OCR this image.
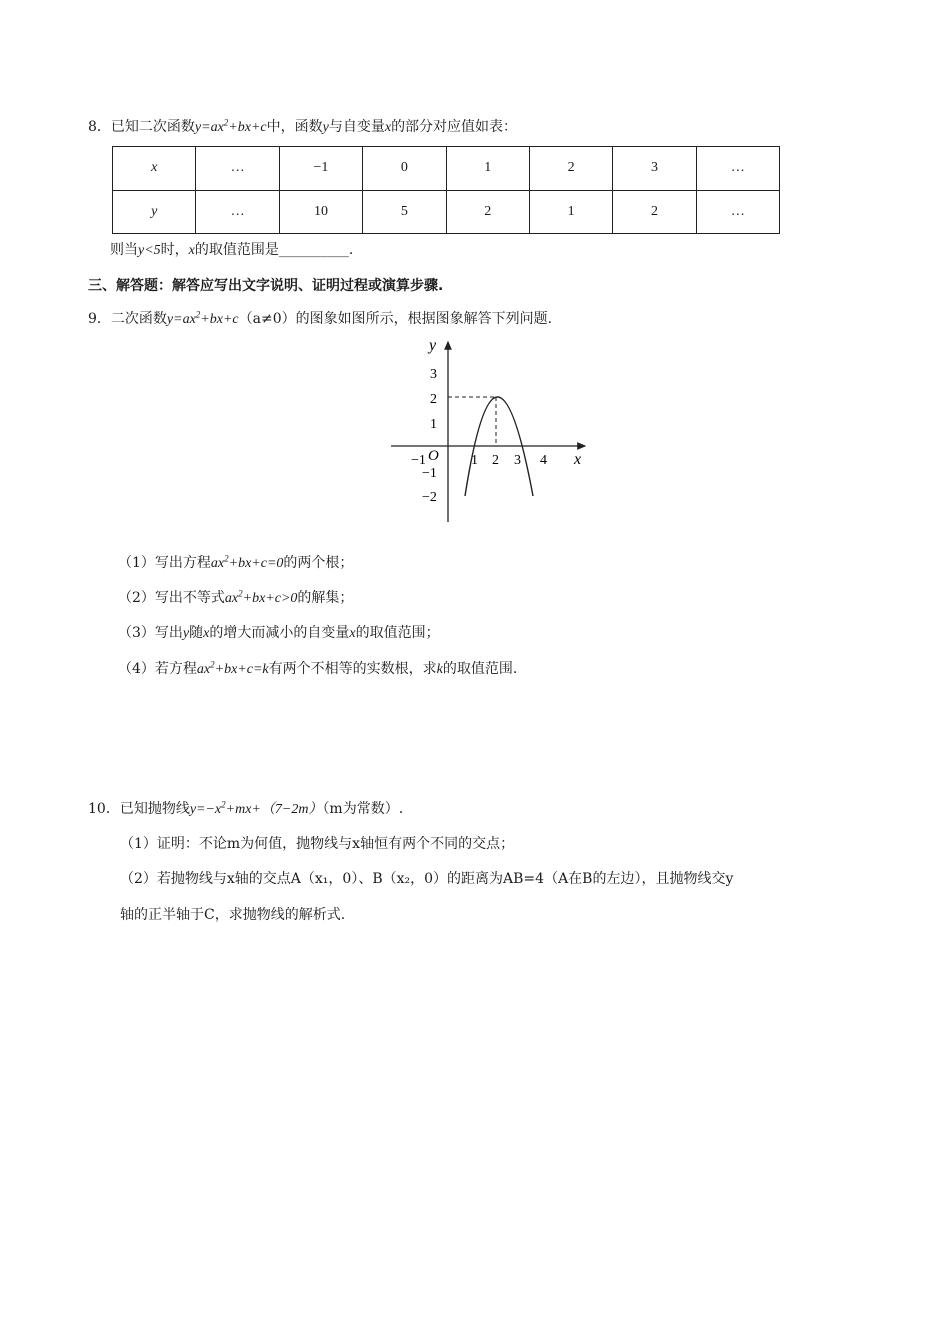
8．已知二次函数$y=ax^2+bx+c$中，函数y与自变量x的部分对应值如表：
x	…	−1	0	1	2	3	…
y	…	10	5	2	1	2	…
则当y<5时，x的取值范围是__________.
三、解答题：解答应写出文字说明、证明过程或演算步骤.
9．二次函数$y=ax^2+bx+c(a\ne 0)$的图象如图所示，根据图象解答下列问题.
y
x
O
3
2
1
−1
−2
−1	1 2 3 4
（1）写出方程$ax^2+bx+c=0$的两个根；
（2）写出不等式$ax^2+bx+c>0$的解集；
（3）写出y随x的增大而减小的自变量x的取值范围；
（4）若方程$ax^2+bx+c=k$有两个不相等的实数根，求k的取值范围.
10．已知抛物线$y=-x^2+mx+(7-2m)(m$为常数）.
（1）证明：不论m为何值，抛物线与x轴恒有两个不同的交点；
（2）若抛物线与x轴的交点A（x₁，0）、B（x₂，0）的距离为AB=4（A在B的左边），且抛物线交y
轴的正半轴于C，求抛物线的解析式.
